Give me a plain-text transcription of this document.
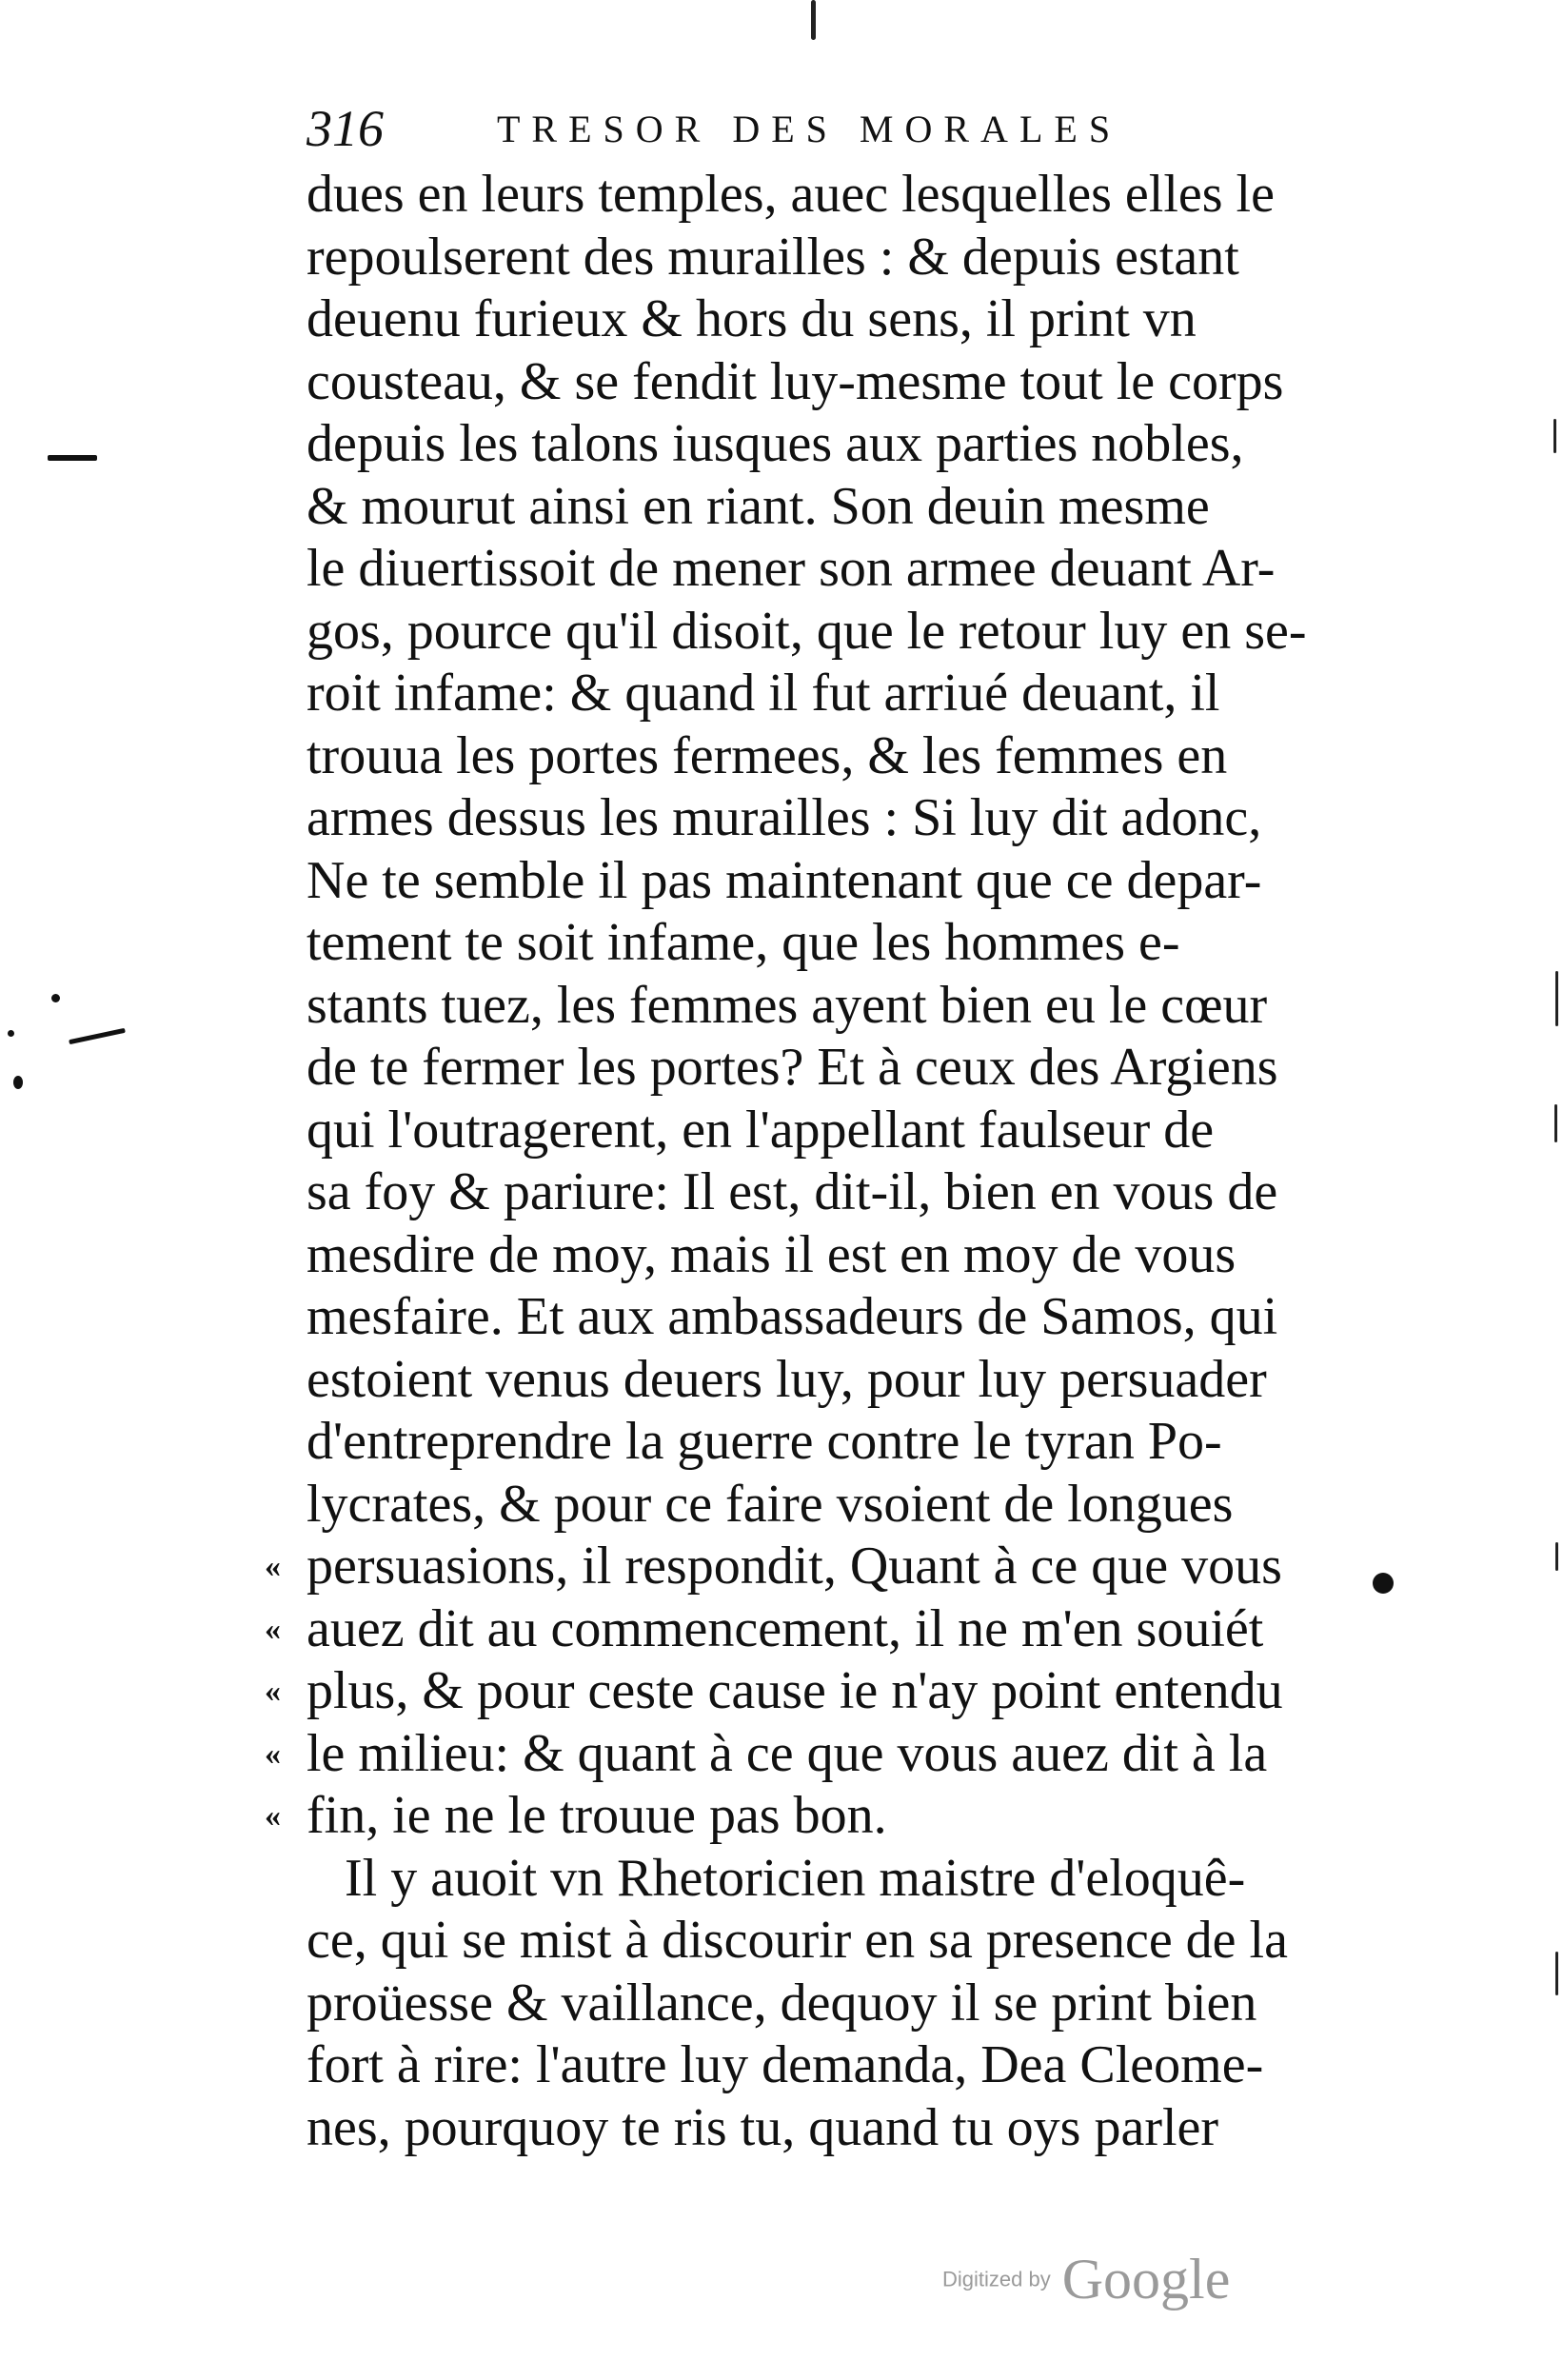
316	TRESOR DES MORALES
dues en leurs temples, auec lesquelles elles le
repoulserent des murailles : & depuis estant
deuenu furieux & hors du sens, il print vn
cousteau, & se fendit luy-mesme tout le corps
depuis les talons iusques aux parties nobles,
& mourut ainsi en riant. Son deuin mesme
le diuertissoit de mener son armee deuant Ar-
gos, pource qu'il disoit, que le retour luy en se-
roit infame: & quand il fut arriué deuant, il
trouua les portes fermees, & les femmes en
armes dessus les murailles : Si luy dit adonc,
Ne te semble il pas maintenant que ce depar-
tement te soit infame, que les hommes e-
stants tuez, les femmes ayent bien eu le cœur
de te fermer les portes? Et à ceux des Argiens
qui l'outragerent, en l'appellant faulseur de
sa foy & pariure: Il est, dit-il, bien en vous de
mesdire de moy, mais il est en moy de vous
mesfaire. Et aux ambassadeurs de Samos, qui
estoient venus deuers luy, pour luy persuader
d'entreprendre la guerre contre le tyran Po-
lycrates, & pour ce faire vsoient de longues
« persuasions, il respondit, Quant à ce que vous
« auez dit au commencement, il ne m'en souiét
« plus, & pour ceste cause ie n'ay point entendu
« le milieu: & quant à ce que vous auez dit à la
« fin, ie ne le trouue pas bon.
Il y auoit vn Rhetoricien maistre d'eloquê-
ce, qui se mist à discourir en sa presence de la
proüesse & vaillance, dequoy il se print bien
fort à rire: l'autre luy demanda, Dea Cleome-
nes, pourquoy te ris tu, quand tu oys parler
Digitized by Google
